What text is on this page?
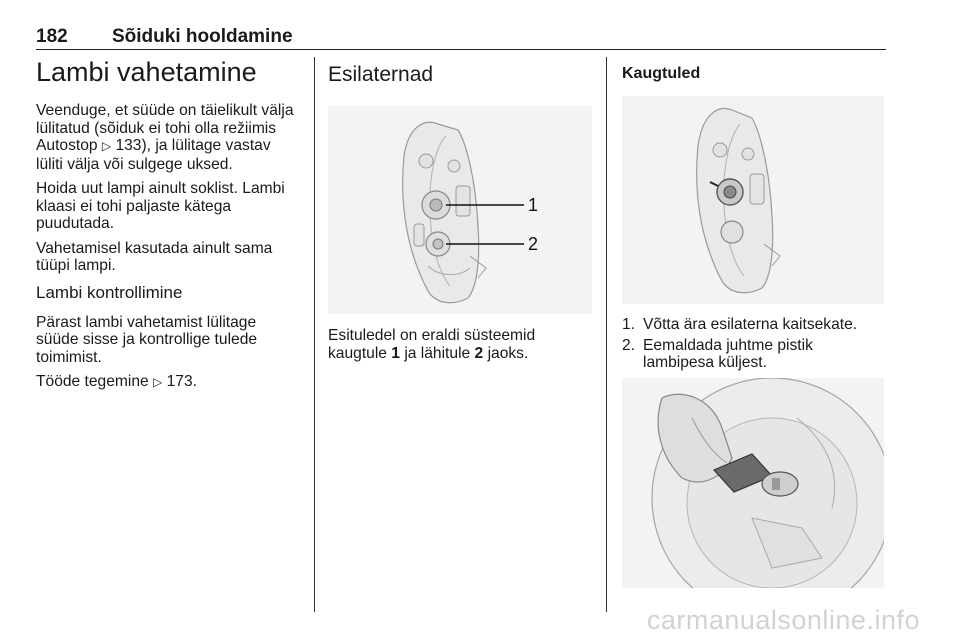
182 Sõiduki hooldamine
Lambi vahetamine

Veenduge, et süüde on täielikult välja
lülitatud (sõiduk ei tohi olla režiimis
Autostop ▷ 133), ja lülitage vastav
lüliti välja või sulgege uksed.

Hoida uut lampi ainult soklist. Lambi
klaasi ei tohi paljaste kätega
puudutada.

Vahetamisel kasutada ainult sama
tüüpi lampi.

Lambi kontrollimine

Pärast lambi vahetamist lülitage
süüde sisse ja kontrollige tulede
toimimist.

Tööde tegemine ▷ 173.

Esilaternad
1
2

Esituledel on eraldi süsteemid
kaugtule 1 ja lähitule 2 jaoks.

Kaugtuled
1. Võtta ära esilaterna kaitsekate.
2. Eemaldada juhtme pistik
lambipesa küljest.
carmanualsonline.info
